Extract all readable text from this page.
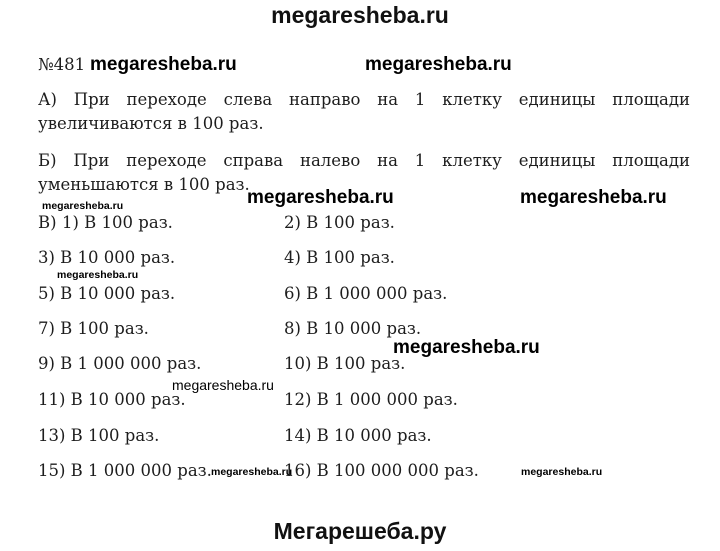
megaresheba.ru
№481 megaresheba.ru	megaresheba.ru
А) При переходе слева направо на 1 клетку единицы площади увеличиваются в 100 раз.
Б) При переходе справа налево на 1 клетку единицы площади уменьшаются в 100 раз.
megaresheba.ru	megaresheba.ru	megaresheba.ru
В) 1) В 100 раз.	2) В 100 раз.
3) В 10 000 раз.	4) В 100 раз.
megaresheba.ru
5) В 10 000 раз.	6) В 1 000 000 раз.
7) В 100 раз.	8) В 10 000 раз.
megaresheba.ru
9) В 1 000 000 раз.	10) В 100 раз.
megaresheba.ru
11) В 10 000 раз.	12) В 1 000 000 раз.
13) В 100 раз.	14) В 10 000 раз.
15) В 1 000 000 раз. megaresheba.ru
16) В 100 000 000 раз.	megaresheba.ru
Мегарешеба.ру
